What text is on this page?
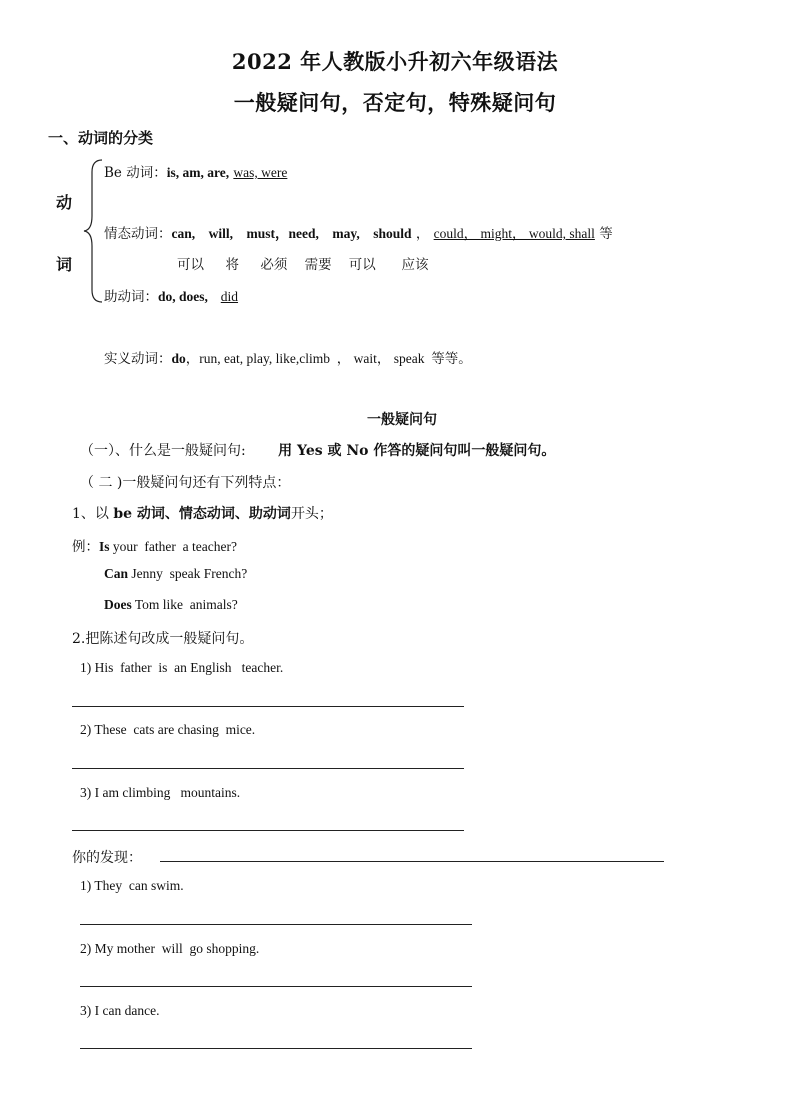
2022 年人教版小升初六年级语法
一般疑问句，否定句，特殊疑问句
一、动词的分类
动
词
Be 动词：is, am, are, was, were
情态动词：can,    will,    must，need,    may,    should ， could， might， would, shall 等
可以     将     必须    需要    可以      应该
助动词：do, does, did
实义动词：do，run, eat, play, like,climb  ， wait， speak  等等。
一般疑问句
（一）、什么是一般疑问句: 用 Yes 或 No 作答的疑问句叫一般疑问句。
（ 二 )一般疑问句还有下列特点：
1、以 be 动词、情态动词、助动词开头；
例：Is your  father  a teacher?
Can Jenny  speak French?
Does Tom like  animals?
2.把陈述句改成一般疑问句。
1) His  father  is  an English   teacher.
2) These  cats are chasing  mice.
3) I am climbing   mountains.
你的发现：
1) They  can swim.
2) My mother  will  go shopping.
3) I can dance.
